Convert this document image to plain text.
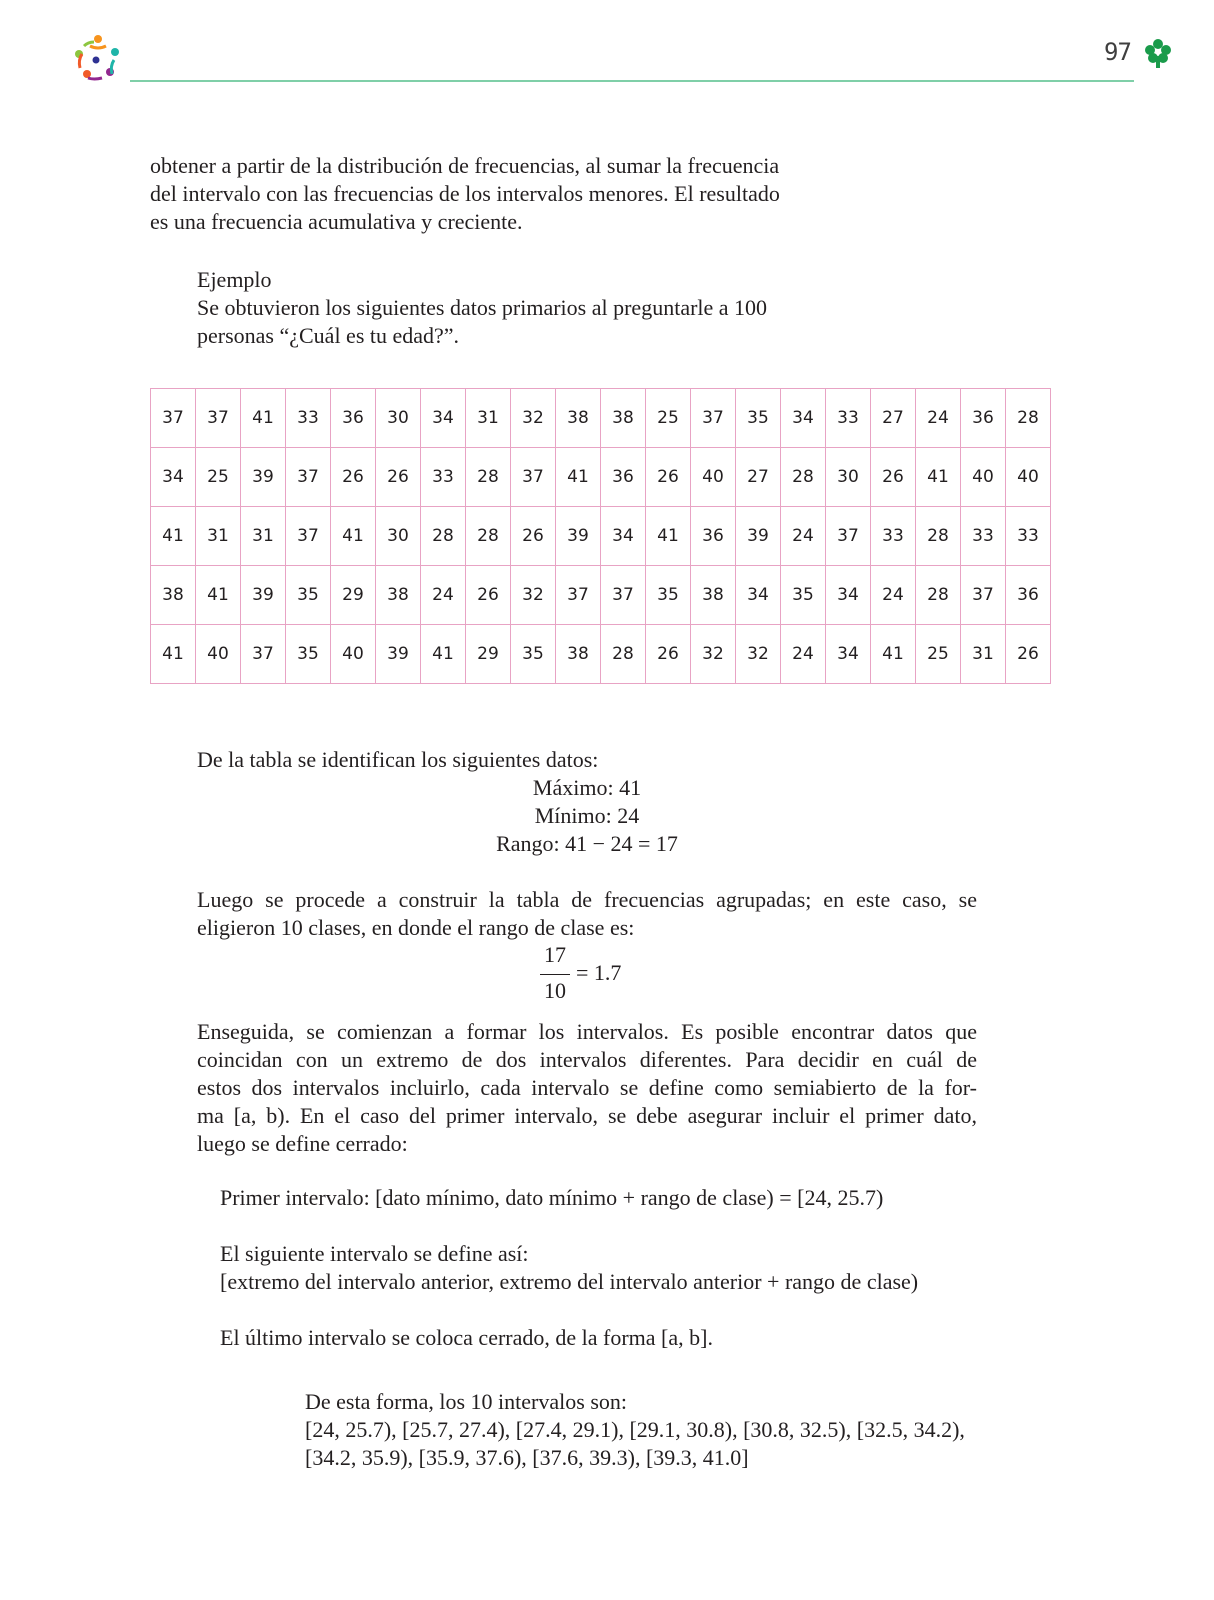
97

obtener a partir de la distribución de frecuencias, al sumar la frecuencia
del intervalo con las frecuencias de los intervalos menores. El resultado
es una frecuencia acumulativa y creciente.

Ejemplo
Se obtuvieron los siguientes datos primarios al preguntarle a 100
personas “¿Cuál es tu edad?”.

37	37	41	33	36	30	34	31	32	38	38	25	37	35	34	33	27	24	36	28
34	25	39	37	26	26	33	28	37	41	36	26	40	27	28	30	26	41	40	40
41	31	31	37	41	30	28	28	26	39	34	41	36	39	24	37	33	28	33	33
38	41	39	35	29	38	24	26	32	37	37	35	38	34	35	34	24	28	37	36
41	40	37	35	40	39	41	29	35	38	28	26	32	32	24	34	41	25	31	26

De la tabla se identifican los siguientes datos:

Máximo: 41
Mínimo: 24
Rango: 41 − 24 = 17

Luego se procede a construir la tabla de frecuencias agrupadas; en este caso, se
eligieron 10 clases, en donde el rango de clase es:

17
10
= 1.7

Enseguida, se comienzan a formar los intervalos. Es posible encontrar datos que
coincidan con un extremo de dos intervalos diferentes. Para decidir en cuál de
estos dos intervalos incluirlo, cada intervalo se define como semiabierto de la for-
ma [a, b). En el caso del primer intervalo, se debe asegurar incluir el primer dato,
luego se define cerrado:

Primer intervalo: [dato mínimo, dato mínimo + rango de clase) = [24, 25.7)

El siguiente intervalo se define así:
[extremo del intervalo anterior, extremo del intervalo anterior + rango de clase)

El último intervalo se coloca cerrado, de la forma [a, b].

De esta forma, los 10 intervalos son:
[24, 25.7), [25.7, 27.4), [27.4, 29.1), [29.1, 30.8), [30.8, 32.5), [32.5, 34.2),
[34.2, 35.9), [35.9, 37.6), [37.6, 39.3), [39.3, 41.0]
